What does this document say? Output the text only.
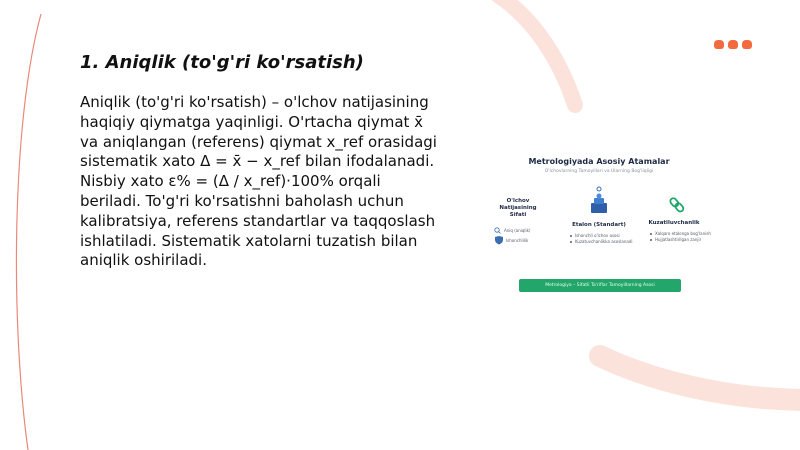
1. Aniqlik (to'g'ri ko'rsatish)
Aniqlik (to'g'ri ko'rsatish) – o'lchov natijasining haqiqiy qiymatga yaqinligi. O'rtacha qiymat x̄ va aniqlangan (referens) qiymat x_ref orasidagi sistematik xato Δ = x̄ − x_ref bilan ifodalanadi. Nisbiy xato ε% = (Δ / x_ref)·100% orqali beriladi. To'g'ri ko'rsatishni baholash uchun kalibratsiya, referens standartlar va taqqoslash ishlatiladi. Sistematik xatolarni tuzatish bilan aniqlik oshiriladi.
Metrologiyada Asosiy Atamalar
O'lchovlarning Tamoyillari va Ularning Bog'liqligi
O'lchov Natijasining Sifati
Aniq (aniqlik)
Ishonchlilik
Etalon (Standart)
Ishonchli o'lchov asosi
Kuzatuvchanlikka asoslanadi
Kuzatiluvchanlik
Xalqaro etalonga bog'lanish
Hujjatlashtirilgan zanjir
Metrologiya – Sifatli Ta'riflar Tamoyillarning Asosi
